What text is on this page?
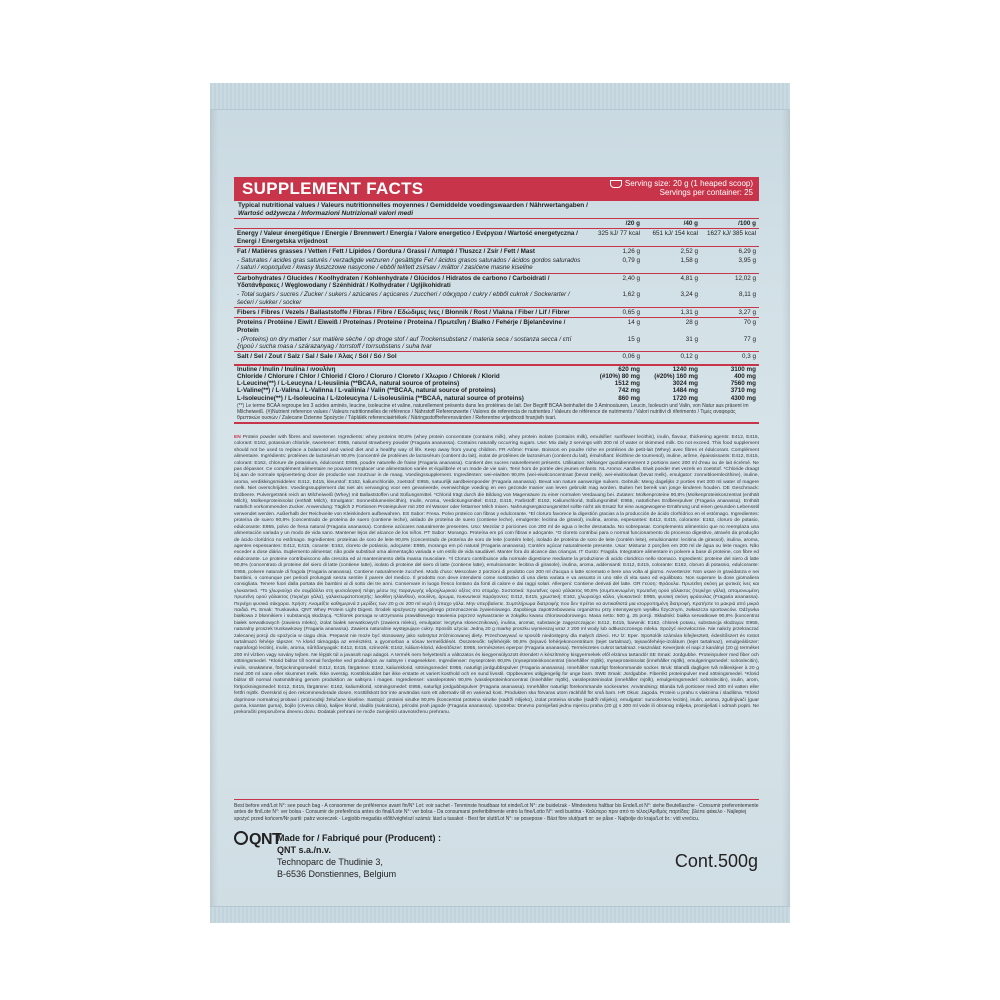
SUPPLEMENT FACTS	Serving size: 20 g (1 heaped scoop)
Servings per container: 25
Typical nutritional values / Valeurs nutritionnelles moyennes / Gemiddelde voedingswaarden / Nährwertangaben /
Wartość odżywcza / Informazioni Nutrizionali valori medi
	/20 g	/40 g	/100 g
Energy / Valeur énergétique / Energie / Brennwert / Energía / Valore energetico / Ενέργεια / Wartość energetyczna / Energi / Energetska vrijednost	325 kJ/ 77 kcal	651 kJ/ 154 kcal	1627 kJ/ 385 kcal
Fat / Matières grasses / Vetten / Fett / Lípidos / Gordura / Grassi / Λιπαρά / Tłuszcz / Zsír / Fett / Mast	1,26 g	2,52 g	6,29 g
- Saturates / acides gras saturés / verzadigde vetzuren / gesättigte Fet / ácidos grasos saturados / ácidos gordos saturados / saturi / κορεσμένα / kwasy tłuszczowe nasycone / ebből telített zsírsav / mättor / zasićene masne kiseline	0,79 g	1,58 g	3,95 g
Carbohydrates / Glucides / Koolhydraten / Kohlenhydrate / Glúcidos / Hidratos de carbono / Carboidrati / Υδατάνθρακες / Węglowodany / Szénhidrát / Kolhydrater / Ugljikohidrati	2,40 g	4,81 g	12,02 g
- Total sugars / sucres / Zucker / sukers / azúcares / açúcares / zuccheri / σάκχαρα / cukry / ebből cukrok / Sockerarter / šećeri / sukker / socker	1,62 g	3,24 g	8,11 g
Fibers / Fibres / Vezels / Ballaststoffe / Fibras / Fibre / Εδώδιμες ίνες / Błonnik / Rost / Vlakna / Fiber / Lif / Fibrer	0,65 g	1,31 g	3,27 g
Proteins / Protéine / Eiwit / Eiweiß / Proteínas / Proteine / Proteina / Πρωτεΐνη / Białko / Fehérje / Bjelančevine / Protein	14 g	28 g	70 g
- (Proteins) on dry matter / sur matière sèche / op droge stof / auf Trockensubstanz / materia seca / sostanza secca / επί ξηρού / sucha masa / szárazanyag / torrstoff / torrsubstans / suha tvar	15 g	31 g	77 g
Salt / Sel / Zout / Salz / Sal / Sale / Άλας / Sól / Só / Sol	0,06 g	0,12 g	0,3 g
Inuline / Inulin / Inulina / ινουλίνη	620 mg	1240 mg	3100 mg
Chloride / Chlorure / Chlor / Chlorid / Cloro / Cloruro / Cloreto / Χλωριο / Chlorek / Klorid	(#10%) 80 mg	(#20%) 160 mg	400 mg
L-Leucine(**) / L-Leucyna / L-leusiinia (**BCAA, natural source of proteins)	1512 mg	3024 mg	7560 mg
L-Valine(**) / L-Valina / L-Valinna / L-valiinia / Valin (**BCAA, natural source of proteins)	742 mg	1484 mg	3710 mg
L-Isoleucine(**) / L-Isoleucina / L-Izoleucyna / L-isoleusiinia (**BCAA, natural source of proteins)	860 mg	1720 mg	4300 mg
(**) Le terme BCAA regroupe les 3 acides aminés, leucine, isoleucine et valine, naturellement présents dans les protéines de lait. Der Begriff BCAA beinhaltet die 3 Aminosäuren, Leucin, Isoleucin und Valin, von Natur aus präsent im Milcheiweiß. (#)Nutrient reference values / Valeurs nutritionnelles de référence / Nährstoff Referenzwerte / Valores de referencia de nutrientes / Valeurs de référence de nutriments / Valori nutritivi di riferimento / Τιμές αναφοράς θρεπτικών ουσιών / Zalecane Dzienne Spożycie / Táplálék referenciaértékek / Näringsstoffreferensvärden / Referentne vrijednosti hranjivih tvari.
EN Protein powder with fibres and sweetener. Ingredients: whey proteins 90,8% (whey protein concentrate (contains milk), whey protein isolate (contains milk), emulsifier: sunflower lecithin), inulin, flavour, thickening agents: E412, E415, colorant: E162, potassium chloride, sweetener: E955, natural strawberry powder (Fragaria ananassa). Contains naturally occurring sugars. Use: Mix daily 2 servings with 200 ml of water or skimmed milk. Do not exceed. This food supplement should not be used to replace a balanced and varied diet and a healthy way of life. Keep away from young children. FR Arôme: Fraise. Boisson en poudre riche en protéines de petit-lait (Whey) avec fibres et édulcorant. Complément alimentaire. Ingrédients: protéines de lactosérum 90,8% (concentré de protéines de lactosérum (contient du lait), isolat de protéines de lactosérum (contient du lait), émulsifiant: lécithine de tournesol), inuline, arôme, épaississants: E412, E415, colorant: E162, chlorure de potassium, édulcorant: E955, poudre naturelle de fraise (Fragaria ananassa). Contient des sucres naturellement présents. Utilisation: Mélanger quotidiennement 2 portions avec 200 ml d'eau ou de lait écrémé. Ne pas dépasser. Ce complément alimentaire ne pouvant remplacer une alimentation variée et équilibrée et un mode de vie sain. Tenir hors de portée des jeunes enfants. NL Aroma: Aardbei. Eiwit poeder met vezels en zoetstof. *Chloride draagt bij aan de normale spijsvertering door de productie van zoutzuur in de maag. Voedingssupplement. Ingrediënten: wei-eiwitten 90,8% (wei-eiwitconcentraat (bevat melk), wei-eiwitisolaat (bevat melk), emulgator: zonnebloemlecithine), inuline, aroma, verdikkingsmiddelen: E412, E415, kleurstof: E162, kaliumchloride, zoetstof: E955, natuurlijk aardbeienpoeder (Fragaria ananassa). Bevat van nature aanwezige suikers. Gebruik: Meng dagelijks 2 porties met 200 ml water of magere melk. Niet overschrijden. Voedingssupplement dat niet als vervanging voor een gevarieerde, evenwichtige voeding en een gezonde manier van leven gebruikt mag worden. Buiten het bereik van jonge kinderen houden. DE Geschmack: Erdbeere. Pulvergetränk reich an Milcheiweiß (Whey) mit Ballaststoffen und Süßungsmittel. *Chlorid trägt durch die Bildung von Magensäure zu einer normalen Verdauung bei. Zutaten: Molkenproteine 90,8% (Molkenproteinkonzentrat (enthält Milch), Molkenproteinisolat (enthält Milch), Emulgator: Sonnenblumenlecithin), Inulin, Aroma, Verdickungsmittel: E412, E415, Farbstoff: E162, Kaliumchlorid, Süßungsmittel: E955, natürliches Erdbeerpulver (Fragaria ananassa). Enthält natürlich vorkommenden Zucker. Anwendung: Täglich 2 Portionen Proteinpulver mit 200 ml Wasser oder fettarmer Milch mixen. Nahrungsergänzungsmittel sollte nicht als Ersatz für eine ausgewogene Ernährung und einen gesunden Lebensstil verwendet werden. Außerhalb der Reichweite von Kleinkindern aufbewahren. ES Sabor: Fresa. Polvo proteico con fibras y edulcorante. *El cloruro favorece la digestión gracias a la producción de ácido clorhídrico en el estómago. Ingredientes: proteína de suero 90,8% (concentrado de proteína de suero (contiene leche), aislado de proteína de suero (contiene leche), emulgente: lecitina de girasol), inulina, aroma, espesantes: E412, E415, colorante: E162, cloruro de potasio, edulcorante: E955, polvo de fresa natural (Fragaria ananassa). Contiene azúcares naturalmente presentes. Uso: Mezclar 2 porciones con 200 ml de agua o leche desnatada. No sobrepasar. Complemento alimenticio que no reemplaza una alimentación variada y un modo de vida sano. Mantener lejos del alcance de los niños. PT Sabor: Morango. Proteína em pó com fibras e adoçante. *O cloreto contribui para o normal funcionamento do processo digestivo, através da produção de ácido clorídrico no estômago. Ingredientes: proteínas de soro de leite 90,8% (concentrado de proteína de soro de leite (contém leite), isolado de proteína de soro de leite (contém leite), emulsionante: lecitina de girassol), inulina, aroma, agentes espessantes: E412, E415, corante: E162, cloreto de potássio, adoçante: E955, morango em pó natural (Fragaria ananassa). Contém açúcar naturalmente presente. Usar: Misturar 2 porções em 200 ml de água ou leite magro. Não exceder a dose diária. Suplemento alimentar; não pode substituir uma alimentação variada e um estilo de vida saudável. Manter fora do alcance das crianças. IT Gusto: Fragola. Integratore alimentare in polvere a base di proteine, con fibre ed edulcorante. Le proteine contribuiscono alla crescita ed al mantenimento della massa muscolare. *Il Cloruro contribuisce alla normale digestione mediante la produzione di acido cloridrico nello stomaco. Ingredienti: proteine del siero di latte 90,8% (concentrato di proteine del siero di latte (contiene latte), isolato di proteine del siero di latte (contiene latte), emulsionante: lecitina di girasole), inulina, aroma, addensanti: E412, E415, colorante: E162, cloruro di potassio, edulcorante: E955, polvere naturale di fragola (Fragaria ananassa). Contiene naturalmente zuccheri. Modo d'uso: Mescolare 2 porzioni di prodotto con 200 ml d'acqua o latte scremato e bere una volta al giorno. Avvertenze: Non usare in gravidanza e nei bambini, o comunque per periodi prolungati senza sentire il parere del medico. Il prodotto non deve intendersi come sostitutivo di una dieta variata e va assunto in uno stile di vita sano ed equilibrato. Non superare la dose giornaliera consigliata. Tenere fuori dalla portata dei bambini al di sotto dei tre anni. Conservare in luogo fresco lontano da fonti di calore e dai raggi solari. Allergeni: Contiene derivati del latte. GR Γεύση: Φράουλα. Πρωτεΐνη σκόνη με φυτικές ίνες και γλυκαντικό. *Το χλωριούχο ιόν συμβάλλει στη φυσιολογική πέψη μέσω της παραγωγής υδροχλωρικού οξέος στο στομάχι. Συστατικά: πρωτεΐνες ορού γάλακτος 90,8% (συμπυκνωμένη πρωτεΐνη ορού γάλακτος (περιέχει γάλα), απομονωμένη πρωτεΐνη ορού γάλακτος (περιέχει γάλα), γαλακτωματοποιητής: λεκιθίνη ηλίανθου), ινουλίνη, άρωμα, πυκνωτικοί παράγοντες: E412, E415, χρωστική: E162, χλωριούχο κάλιο, γλυκαντικό: E955, φυσική σκόνη φράουλας (Fragaria ananassa). Περιέχει φυσικά σάκχαρα. Χρήση: Αναμείξτε καθημερινά 2 μερίδες των 20 g σε 200 ml νερό ή άπαχο γάλα. Μην υπερβαίνετε. Συμπλήρωμα διατροφής που δεν πρέπει να αντικαθιστά μια ισορροπημένη διατροφή. Κρατήστε το μακριά από μικρά παιδιά. PL Smak: Truskawka. QNT Whey Protein Light Digest. Środek spożywczy specjalnego przeznaczenia żywieniowego. Zapobiega zapotrzebowaniu organizmu przy intensywnym wysiłku fizycznym, zwłaszcza sportowców. Odżywka białkowa z błonnikiem i substancją słodzącą. *Chlorek pomaga w utrzymaniu prawidłowego trawienia poprzez wytwarzanie w żołądku kwasu chlorowodorowego. Masa netto: 500 g, 25 porcji. Składniki: białka serwatkowe 90,8% (koncentrat białek serwatkowych (zawiera mleko), izolat białek serwatkowych (zawiera mleko), emulgator: lecytyna słonecznikowa), inulina, aromat, substancje zagęszczające: E412, E415, barwnik: E162, chlorek potasu, substancja słodząca: E955, naturalny proszek truskawkowy (Fragaria ananassa). Zawiera naturalnie występujące cukry. Sposób użycia: Jedną 20 g miarkę proszku wymieszaj wraz z 200 ml wody lub odtłuszczonego mleka. Spożyć niezwłocznie. Nie należy przekraczać zalecanej porcji do spożycia w ciągu dnia. Preparat nie może być stosowany jako substytut zróżnicowanej diety. Przechowywać w sposób niedostępny dla małych dzieci. HU Íz: Eper. Sportolók számára kifejlesztett, édesítőszert és rostot tartalmazó fehérje tápszer. *A klorid támogatja az emésztést, a gyomorban a sósav termelődését. Összetevők: tejfehérjék 90,8% (tejsavó fehérjekoncentrátum (tejet tartalmaz), tejsavófehérje-izolátum (tejet tartalmaz), emulgeálószer: napraforgó lecitin), inulin, aroma, sűrítőanyagok: E412, E415, színezék: E162, kálium-klorid, édesítőszer: E955, természetes eperpor (Fragaria ananassa). Természetes cukrot tartalmaz. Használat: Keverjünk el napi 2 kanálnyi (20 g) terméket 200 ml vízben vagy sovány tejben. Ne lépjük túl a javasolt napi adagot. A termék nem helyettesíti a változatos és kiegyensúlyozott étrendet! A készítmény kisgyermekek elől elzárva tartandó! SE Smak: Jordgubbe. Proteinpulver med fiber och sötningsmedel. *Klorid bidrar till normal fordyelse ved produksjon av saltsyre i magesekken. Ingredienser: myseprotein 90,8% (myseproteinkoncentrat (innehåller mjölk), myseproteinisolat (innehåller mjölk), emulgeringsmedel: solroslecitin), inulin, smakämne, förtjockningsmedel: E412, E415, färgämne: E162, kaliumklorid, sötningsmedel: E955, naturligt jordgubbspulver (Fragaria ananassa). Innehåller naturligt förekommande socker. Bruk: Blandå dagligen två måleskjeer à 20 g med 200 ml vann eller skummet melk. Ikke overstig. Kosttilskuddet bør ikke erstatte et variert kosthold och en sund livsstil. Oppbevares utilgjengelig for unge barn. SWE Smak: Jordgubbe. Fiberrikt proteinpulver med sötningsmedel. *Klorid bidrar till normal matsmältning genom produktion av saltsyra i magen. Ingredienser: vassleprotein 90,8% (vassleproteinkoncentrat (innehåller mjölk), vassleproteinisolat (innehåller mjölk), emulgeringsmedel: solroslecitin), inulin, arom, förtjockningsmedel: E412, E415, färgämne: E162, kaliumklorid, sötningsmedel: E955, naturligt jordgubbspulver (Fragaria ananassa). Innehåller naturligt förekommande sockerarter. Användning: Blanda två portioner med 200 ml vatten eller fettfri mjölk. Överskrid ej den rekommenderade dosen. Kosttillskott bör inte användas som ett alternativ till en varierad kost. Produkten ska förvaras utom räckhåll för små barn. HR Okus: Jagoda. Protein u prahu s vlaknima i sladilima. *Klorid doprinose normalnoj probavi i proizvodnji želučane kiseline. Sastojci: proteini sirutke 90,8% (koncentrat proteina sirutke (sadrži mlijeko), izolat proteina sirutke (sadrži mlijeko), emulgator: suncokretov lecitin), inulin, aroma, zgušnjivači (guar guma, ksantan guma), bojilo (crvena cikla), kalijev klorid, sladilo (sukraloza), prirodni prah jagode (Fragaria ananassa). Upotreba: Dnevno pomiješati jednu mjericu praha (20 g) s 200 ml vode ili obranog mlijeka, promiješati i odmah popiti. Ne prekoračiti preporučenu dnevnu dozu. Dodatak prehrani ne može zamijeniti uravnoteženu prehranu.
Best before end/Lot N°: see pouch bag - A consommer de préférence avant fin/N° Lot: voir sachet - Tenminste houdbaar tot einde/Lot N°: zie buidelzak - Mindestens haltbar bis Ende/Lot N°: siehe Beutellasche - Consumir preferentemente antes de fin/Lote N°: ver bolsa - Consumir de preferência antes do final/Lote N°: ver bolsa - Da consumarsi preferibilmente entro la fine/Lotto N°: vedi bustina - Καλύτερο πριν από το τέλος/Αριθμός παρτίδας: βλέπε φάκελο - Najlepiej spożyć przed końcem/Nr partii: patrz woreczek - Legjobb megadás előtt/végfelszí számá: lásd a tasakot - Best før slutt/Lot N°: se posepose - Bäst före slut/parti nr: se påse - Najbolje do kraja/Lot br.: vidi vrećicu.
QNT
Made for / Fabriqué pour (Producent) :
QNT s.a./n.v.
Technoparc de Thudinie 3,
B-6536 Donstiennes, Belgium
Cont.500g
